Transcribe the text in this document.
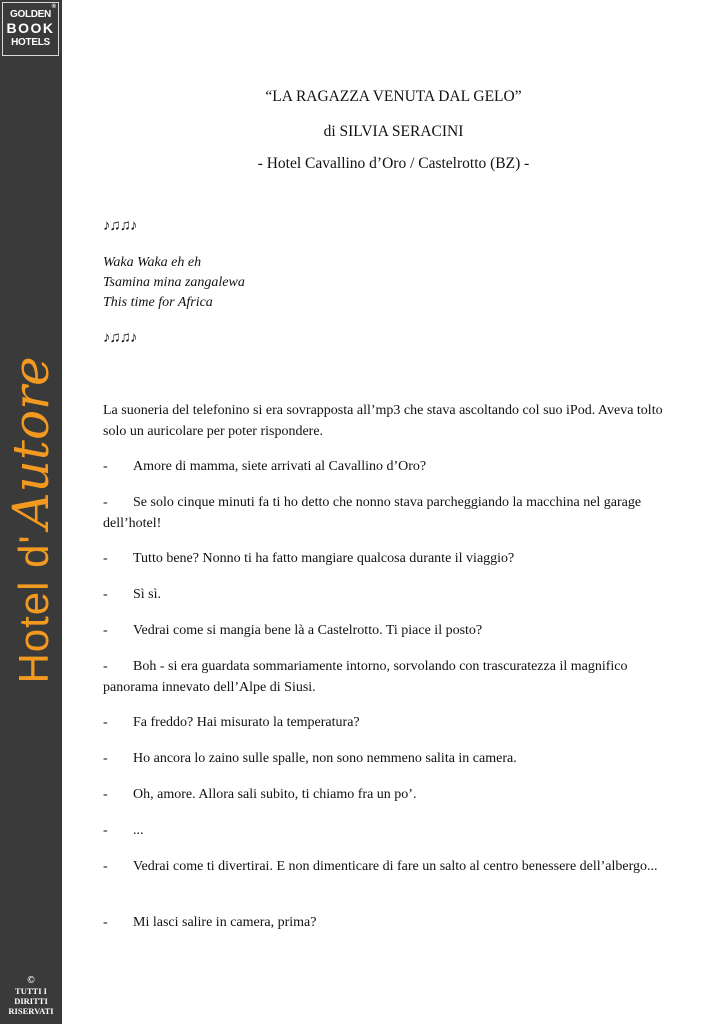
®
GOLDEN
BOOK
HOTELS
Hotel d'Autore
©
TUTTI I
DIRITTI
RISERVATI
“LA RAGAZZA VENUTA DAL GELO”
di SILVIA SERACINI
- Hotel Cavallino d’Oro / Castelrotto (BZ) -
♪♫♫♪
Waka Waka eh eh
Tsamina mina zangalewa
This time for Africa
♪♫♫♪
La suoneria del telefonino si era sovrapposta all’mp3 che stava ascoltando col suo iPod. Aveva tolto solo un auricolare per poter rispondere.
- Amore di mamma, siete arrivati al Cavallino d’Oro?
- Se solo cinque minuti fa ti ho detto che nonno stava parcheggiando la macchina nel garage dell’hotel!
- Tutto bene? Nonno ti ha fatto mangiare qualcosa durante il viaggio?
- Sì sì.
- Vedrai come si mangia bene là a Castelrotto. Ti piace il posto?
- Boh - si era guardata sommariamente intorno, sorvolando con trascuratezza il magnifico panorama innevato dell’Alpe di Siusi.
- Fa freddo? Hai misurato la temperatura?
- Ho ancora lo zaino sulle spalle, non sono nemmeno salita in camera.
- Oh, amore. Allora sali subito, ti chiamo fra un po’.
- ...
- Vedrai come ti divertirai. E non dimenticare di fare un salto al centro benessere dell’albergo...
- Mi lasci salire in camera, prima?
